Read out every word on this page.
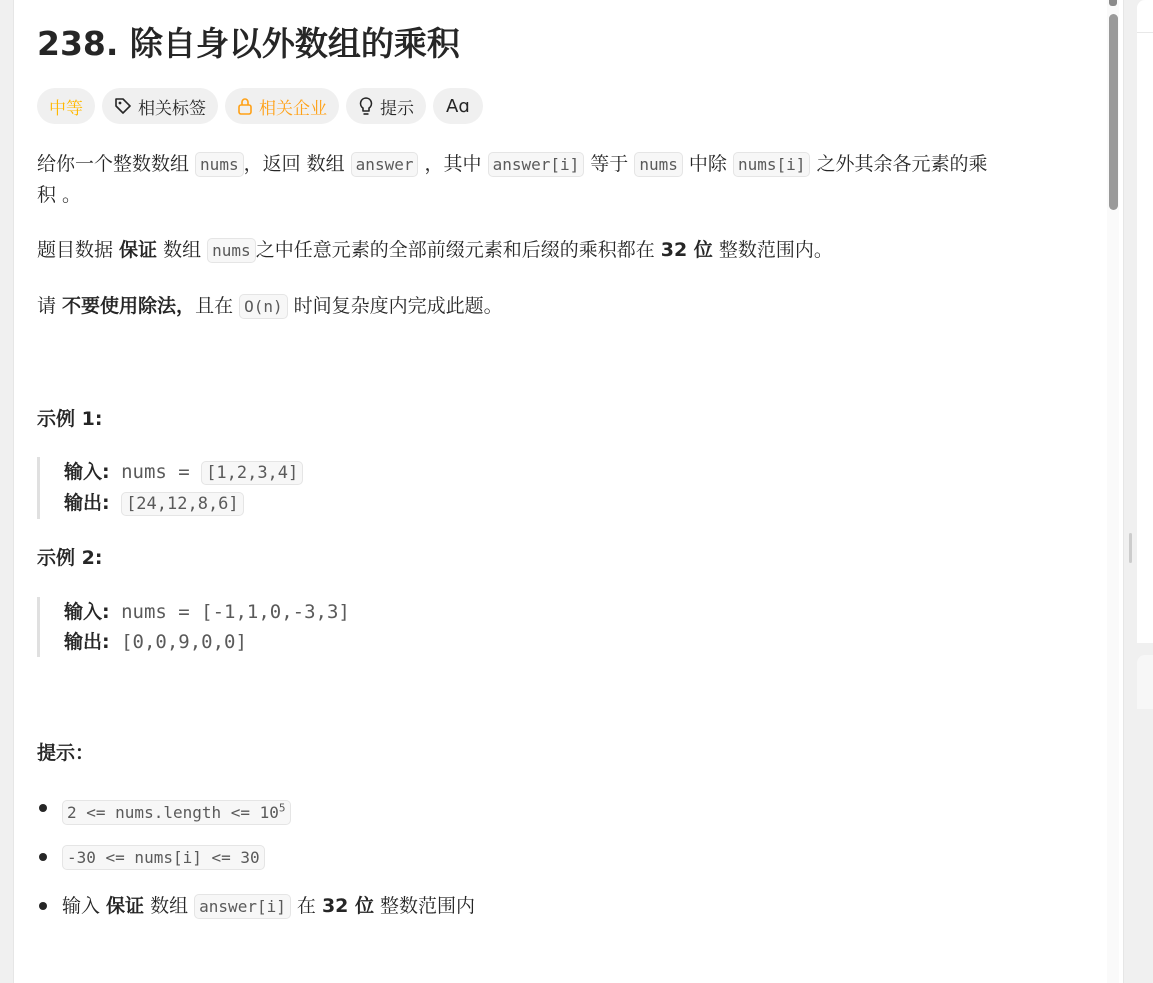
238. 除自身以外数组的乘积
中等	相关标签	相关企业	提示 Aɑ

给你一个整数数组 nums ，返回 数组 answer ，其中 answer[i] 等于 nums 中除 nums[i] 之外其余各元素的乘
积 。

题目数据 保证 数组 nums 之中任意元素的全部前缀元素和后缀的乘积都在 32 位 整数范围内。

请 不要使用除法，且在 O(n) 时间复杂度内完成此题。

示例 1:

输入: nums = [1,2,3,4]
输出: [24,12,8,6]

示例 2:

输入: nums = [-1,1,0,-3,3]
输出: [0,0,9,0,0]

提示：

2 <= nums.length <= $10^5$
-30 <= nums[i] <= 30
输入 保证 数组 answer[i] 在 32 位 整数范围内
